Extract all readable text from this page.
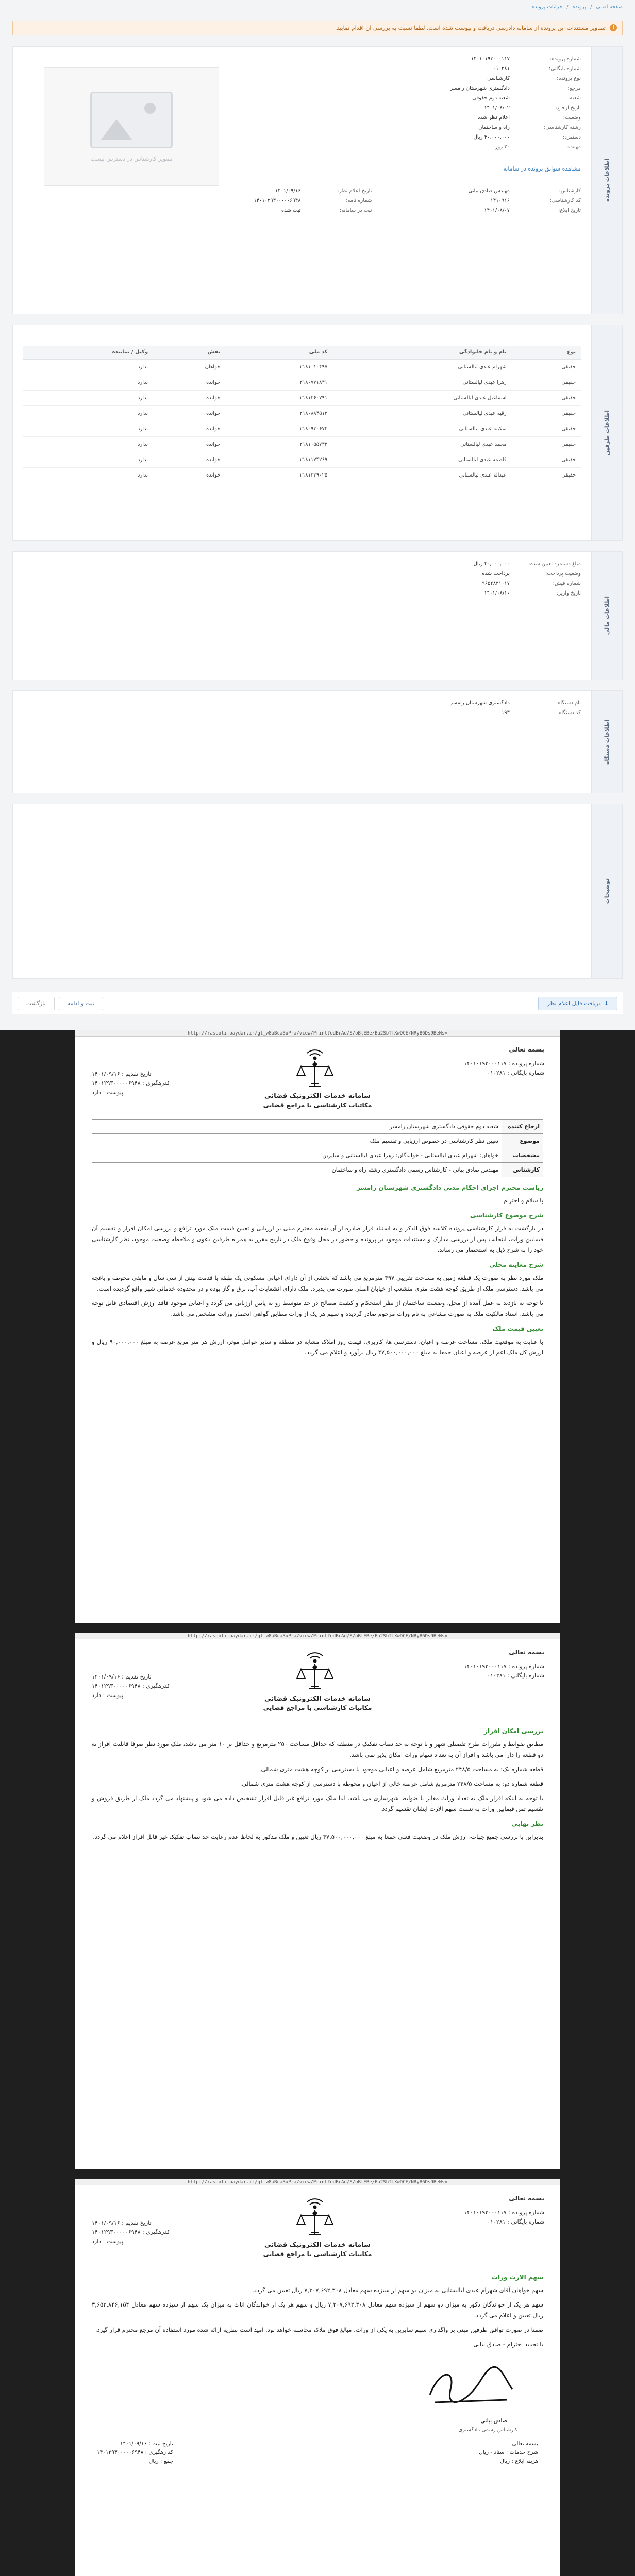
صفحه اصلی
/
پرونده
/
جزئیات پرونده
!
تصاویر مستندات این پرونده از سامانه دادرسی دریافت و پیوست شده است. لطفا نسبت به بررسی آن اقدام نمایید.
اطلاعات پرونده
شماره پرونده:
۱۴۰۱۰۱۹۳۰۰۰۱۱۷
شماره بایگانی:
۰۱۰۲۸۱
نوع پرونده:
کارشناسی
مرجع:
دادگستری شهرستان رامسر
شعبه:
شعبه دوم حقوقی
تاریخ ارجاع:
۱۴۰۱/۰۸/۰۲
وضعیت:
اعلام نظر شده
رشته کارشناسی:
راه و ساختمان
دستمزد:
۴۰,۰۰۰,۰۰۰ ریال
مهلت:
۳۰ روز
مشاهده سوابق پرونده در سامانه
کارشناس:
مهندس صادق بیانی
کد کارشناسی:
۱۴۱۰۹۱۶
تاریخ ابلاغ:
۱۴۰۱/۰۸/۰۷
تاریخ اعلام نظر:
۱۴۰۱/۰۹/۱۶
شماره نامه:
۱۴۰۱۰۲۹۳۰۰۰۰۰۶۹۴۸
ثبت در سامانه:
ثبت شده
تصویر کارشناس در دسترس نیست
اطلاعات طرفین
نوع	نام و نام خانوادگی	کد ملی	نقش	وکیل / نماینده
حقیقی	شهرام عبدی لیالستانی	۲۱۸۱۰۱۰۴۹۷	خواهان	ندارد
حقیقی	زهرا عبدی لیالستانی	۲۱۸۰۷۷۱۸۳۱	خوانده	ندارد
حقیقی	اسماعیل عبدی لیالستانی	۲۱۸۱۲۶۰۷۹۱	خوانده	ندارد
حقیقی	رقیه عبدی لیالستانی	۲۱۸۰۸۸۴۵۱۲	خوانده	ندارد
حقیقی	سکینه عبدی لیالستانی	۲۱۸۰۹۳۰۶۷۴	خوانده	ندارد
حقیقی	محمد عبدی لیالستانی	۲۱۸۱۰۵۵۷۳۳	خوانده	ندارد
حقیقی	فاطمه عبدی لیالستانی	۲۱۸۱۱۷۴۲۶۹	خوانده	ندارد
حقیقی	عبداله عبدی لیالستانی	۲۱۸۱۳۳۹۰۲۵	خوانده	ندارد
اطلاعات مالی
مبلغ دستمزد تعیین شده:
۴۰,۰۰۰,۰۰۰ ریال
وضعیت پرداخت:
پرداخت شده
شماره فیش:
۹۶۵۲۸۲۱۰۱۷
تاریخ واریز:
۱۴۰۱/۰۸/۱۰
اطلاعات دستگاه
نام دستگاه:
دادگستری شهرستان رامسر
کد دستگاه:
۱۹۳
توضیحات
⬇
دریافت فایل اعلام نظر
ثبت و ادامه
بازگشت
http://rasooli.paydar.ir/gt_w8aBcaBuPra/view/Print?edBrAd/S/oBtEBe/Ba2SbTfXwDCE/NRyB6Ds9BeNs=
بسمه تعالی
شماره پرونده : ۱۴۰۱۰۱۹۳۰۰۰۱۱۷
شماره بایگانی : ۰۱۰۲۸۱
تاریخ تقدیم : ۱۴۰۱/۰۹/۱۶
کدرهگیری : ۱۴۰۱۲۹۳۰۰۰۰۰۶۹۴۸
پیوست : دارد	سامانه خدمات الکترونیک قضائی
مکاتبات کارشناسی با مراجع قضایی
ارجاع کننده	شعبه دوم حقوقی دادگستری شهرستان رامسر
موضوع	تعیین نظر کارشناسی در خصوص ارزیابی و تقسیم ملک
مشخصات	خواهان: شهرام عبدی لیالستانی - خواندگان: زهرا عبدی لیالستانی و سایرین
کارشناس	مهندس صادق بیانی - کارشناس رسمی دادگستری رشته راه و ساختمان
ریاست محترم اجرای احکام مدنی دادگستری شهرستان رامسر

با سلام و احترام

شرح موضوع کارشناسی

در بازگشت به قرار کارشناسی پرونده کلاسه فوق الذکر و به استناد قرار صادره از آن شعبه محترم مبنی بر ارزیابی و تعیین قیمت ملک مورد ترافع و بررسی امکان افراز و تقسیم آن فیمابین وراث، اینجانب پس از بررسی مدارک و مستندات موجود در پرونده و حضور در محل وقوع ملک در تاریخ مقرر به همراه طرفین دعوی و ملاحظه وضعیت موجود، نظر کارشناسی خود را به شرح ذیل به استحضار می رساند.

شرح معاینه محلی

ملک مورد نظر به صورت یک قطعه زمین به مساحت تقریبی ۴۹۷ مترمربع می باشد که بخشی از آن دارای اعیانی مسکونی یک طبقه با قدمت بیش از سی سال و مابقی محوطه و باغچه می باشد. دسترسی ملک از طریق کوچه هشت متری منشعب از خیابان اصلی صورت می پذیرد. ملک دارای انشعابات آب، برق و گاز بوده و در محدوده خدماتی شهر واقع گردیده است.

با توجه به بازدید به عمل آمده از محل، وضعیت ساختمان از نظر استحکام و کیفیت مصالح در حد متوسط رو به پایین ارزیابی می گردد و اعیانی موجود فاقد ارزش اقتصادی قابل توجه می باشد. اسناد مالکیت ملک به صورت مشاعی به نام وراث مرحوم صادر گردیده و سهم هر یک از وراث مطابق گواهی انحصار وراثت مشخص می باشد.

تعیین قیمت ملک

با عنایت به موقعیت ملک، مساحت عرصه و اعیان، دسترسی ها، کاربری، قیمت روز املاک مشابه در منطقه و سایر عوامل موثر، ارزش هر متر مربع عرصه به مبلغ ۹۰,۰۰۰,۰۰۰ ریال و ارزش کل ملک اعم از عرصه و اعیان جمعا به مبلغ ۴۷,۵۰۰,۰۰۰,۰۰۰ ریال برآورد و اعلام می گردد.

http://rasooli.paydar.ir/gt_w8aBcaBuPra/view/Print?edBrAd/S/oBtEBe/Ba2SbTfXwDCE/NRyB6Ds9BeNs=
بسمه تعالی
شماره پرونده : ۱۴۰۱۰۱۹۳۰۰۰۱۱۷
شماره بایگانی : ۰۱۰۲۸۱
تاریخ تقدیم : ۱۴۰۱/۰۹/۱۶
کدرهگیری : ۱۴۰۱۲۹۳۰۰۰۰۰۶۹۴۸
پیوست : دارد	سامانه خدمات الکترونیک قضائی
مکاتبات کارشناسی با مراجع قضایی
بررسی امکان افراز

مطابق ضوابط و مقررات طرح تفصیلی شهر و با توجه به حد نصاب تفکیک در منطقه که حداقل مساحت ۲۵۰ مترمربع و حداقل بر ۱۰ متر می باشد، ملک مورد نظر صرفا قابلیت افراز به دو قطعه را دارا می باشد و افراز آن به تعداد سهام وراث امکان پذیر نمی باشد.

قطعه شماره یک: به مساحت ۲۴۸/۵ مترمربع شامل عرصه و اعیانی موجود با دسترسی از کوچه هشت متری شمالی.

قطعه شماره دو: به مساحت ۲۴۸/۵ مترمربع شامل عرصه خالی از اعیان و محوطه با دسترسی از کوچه هشت متری شمالی.

با توجه به اینکه افراز ملک به تعداد وراث مغایر با ضوابط شهرسازی می باشد، لذا ملک مورد ترافع غیر قابل افراز تشخیص داده می شود و پیشنهاد می گردد ملک از طریق فروش و تقسیم ثمن فیمابین وراث به نسبت سهم الارث ایشان تقسیم گردد.

نظر نهایی

بنابراین با بررسی جمیع جهات، ارزش ملک در وضعیت فعلی جمعا به مبلغ ۴۷,۵۰۰,۰۰۰,۰۰۰ ریال تعیین و ملک مذکور به لحاظ عدم رعایت حد نصاب تفکیک غیر قابل افراز اعلام می گردد.

http://rasooli.paydar.ir/gt_w8aBcaBuPra/view/Print?edBrAd/S/oBtEBe/Ba2SbTfXwDCE/NRyB6Ds9BeNs=
بسمه تعالی
شماره پرونده : ۱۴۰۱۰۱۹۳۰۰۰۱۱۷
شماره بایگانی : ۰۱۰۲۸۱
تاریخ تقدیم : ۱۴۰۱/۰۹/۱۶
کدرهگیری : ۱۴۰۱۲۹۳۰۰۰۰۰۶۹۴۸
پیوست : دارد	سامانه خدمات الکترونیک قضائی
مکاتبات کارشناسی با مراجع قضایی
سهم الارث وراث

سهم خواهان آقای شهرام عبدی لیالستانی به میزان دو سهم از سیزده سهم معادل ۷,۳۰۷,۶۹۲,۳۰۸ ریال تعیین می گردد.

سهم هر یک از خواندگان ذکور به میزان دو سهم از سیزده سهم معادل ۷,۳۰۷,۶۹۲,۳۰۸ ریال و سهم هر یک از خواندگان اناث به میزان یک سهم از سیزده سهم معادل ۳,۶۵۳,۸۴۶,۱۵۴ ریال تعیین و اعلام می گردد.

ضمنا در صورت توافق طرفین مبنی بر واگذاری سهم سایرین به یکی از وراث، مبالغ فوق ملاک محاسبه خواهد بود. امید است نظریه ارائه شده مورد استفاده آن مرجع محترم قرار گیرد.

با تجدید احترام - صادق بیانی

صادق بیانی
کارشناس رسمی دادگستری
بسمه تعالی
شرح خدمات : ستاد - ریال
هزینه ابلاغ : ریال
تاریخ ثبت : ۱۴۰۱/۰۹/۱۶
کد رهگیری : ۱۴۰۱۲۹۳۰۰۰۰۰۶۹۴۸
جمع : ریال
